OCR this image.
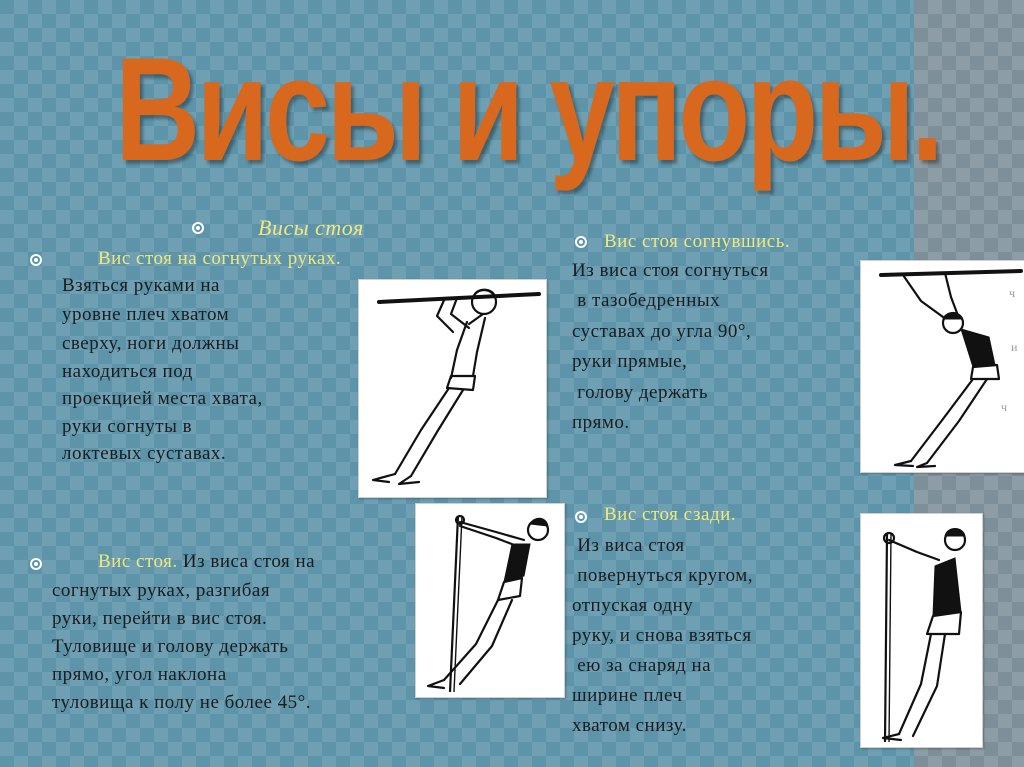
Висы и упоры.

Висы стоя

Вис стоя на согнутых руках.

Взяться руками на

уровне плеч хватом

сверху, ноги должны

находиться под

проекцией места хвата,

руки согнуты в

локтевых суставах.

Вис стоя. Из виса стоя на

согнутых руках, разгибая

руки, перейти в вис стоя.

Туловище и голову держать

прямо, угол наклона

туловища к полу не более 45°.

Вис стоя согнувшись.

Из виса стоя согнуться

в тазобедренных

суставах до угла 90°,

руки прямые,

голову держать

прямо.

Вис стоя сзади.

Из виса стоя

повернуться кругом,

отпуская одну

руку, и снова взяться

ею за снаряд на

ширине плеч

хватом снизу.

ч
и
ч
